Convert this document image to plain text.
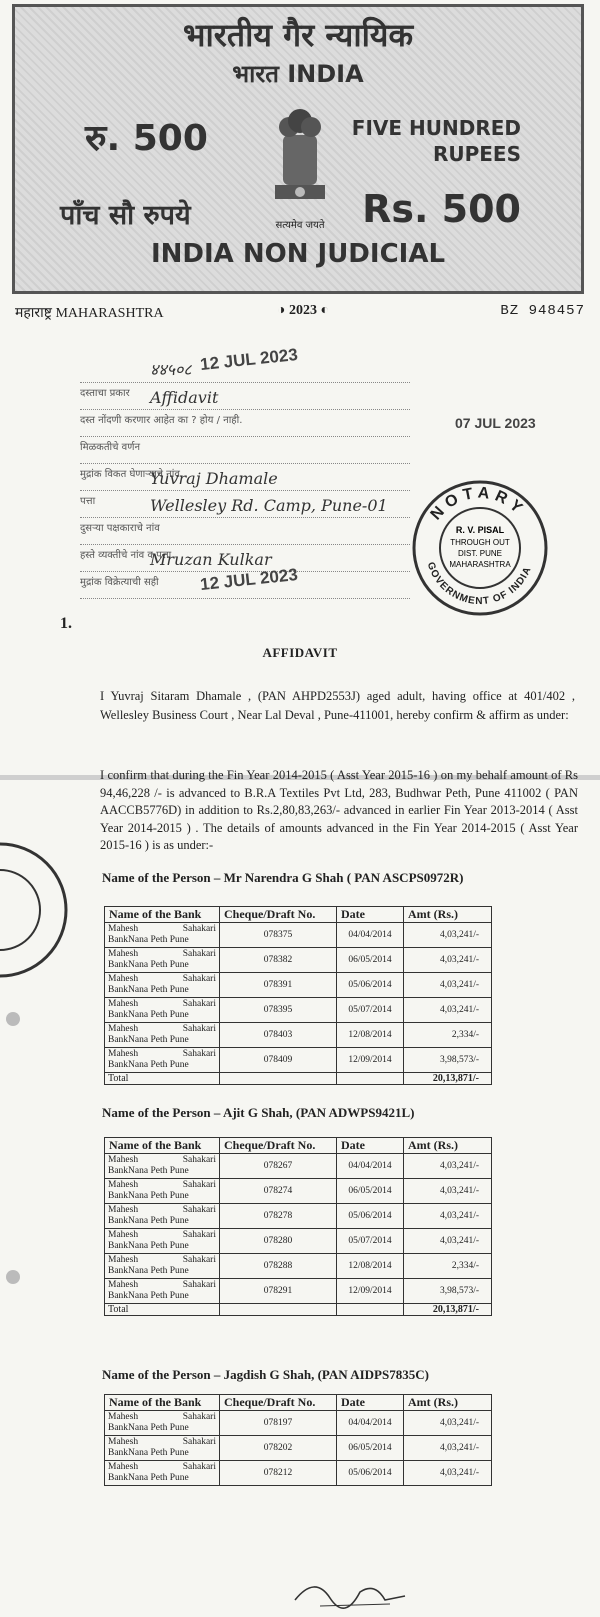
भारतीय गैर न्यायिक
भारत INDIA
रु. 500	FIVE HUNDRED RUPEES
सत्यमेव जयते
पाँच सौ रुपये	Rs. 500
INDIA NON JUDICIAL
महाराष्ट्र MAHARASHTRA	◑ 2023 ◐	BZ 948457
४४५०८
दस्ताचा प्रकार Affidavit
दस्त नोंदणी करणार आहेत का ? होय / नाही.
मिळकतीचे वर्णन
मुद्रांक विकत घेणाऱ्याचे नांव
Yuvraj Dhamale
पत्ता	Wellesley Rd. Camp, Pune-01
दुसऱ्या पक्षकाराचे नांव
हस्ते व्यक्तीचे नांव व पत्ता
Mruzan Kulkar
मुद्रांक विक्रेत्याची सही
12 JUL 2023
12 JUL 2023
07 JUL 2023
NOTARY
GOVERNMENT OF INDIA
R. V. PISAL
THROUGH OUT
DIST. PUNE
MAHARASHTRA
1.
AFFIDAVIT
I Yuvraj Sitaram Dhamale , (PAN AHPD2553J) aged adult, having office at 401/402 , Wellesley Business Court , Near Lal Deval , Pune-411001, hereby confirm & affirm as under:
I confirm that during the Fin Year 2014-2015 ( Asst Year 2015-16 ) on my behalf amount of Rs 94,46,228 /- is advanced to B.R.A Textiles Pvt Ltd, 283, Budhwar Peth, Pune 411002 ( PAN AACCB5776D) in addition to Rs.2,80,83,263/- advanced in earlier Fin Year 2013-2014 ( Asst Year 2014-2015 ) . The details of amounts advanced in the Fin Year 2014-2015 ( Asst Year 2015-16 ) is as under:-
Name of the Person – Mr Narendra G Shah ( PAN ASCPS0972R)
Name of the Bank	Cheque/Draft No.	Date	Amt (Rs.)

Mahesh Sahakari
BankNana Peth Pune	078375	04/04/2014	4,03,241/-

Mahesh Sahakari
BankNana Peth Pune	078382	06/05/2014	4,03,241/-

Mahesh Sahakari
BankNana Peth Pune	078391	05/06/2014	4,03,241/-

Mahesh Sahakari
BankNana Peth Pune	078395	05/07/2014	4,03,241/-

Mahesh Sahakari
BankNana Peth Pune	078403	12/08/2014	2,334/-

Mahesh Sahakari
BankNana Peth Pune	078409	12/09/2014	3,98,573/-
Total			20,13,871/-
Name of the Person – Ajit G Shah, (PAN ADWPS9421L)
Name of the Bank	Cheque/Draft No.	Date	Amt (Rs.)

Mahesh Sahakari
BankNana Peth Pune	078267	04/04/2014	4,03,241/-

Mahesh Sahakari
BankNana Peth Pune	078274	06/05/2014	4,03,241/-

Mahesh Sahakari
BankNana Peth Pune	078278	05/06/2014	4,03,241/-

Mahesh Sahakari
BankNana Peth Pune	078280	05/07/2014	4,03,241/-

Mahesh Sahakari
BankNana Peth Pune	078288	12/08/2014	2,334/-

Mahesh Sahakari
BankNana Peth Pune	078291	12/09/2014	3,98,573/-
Total			20,13,871/-
Name of the Person – Jagdish G Shah, (PAN AIDPS7835C)
Name of the Bank	Cheque/Draft No.	Date	Amt (Rs.)

Mahesh Sahakari
BankNana Peth Pune	078197	04/04/2014	4,03,241/-

Mahesh Sahakari
BankNana Peth Pune	078202	06/05/2014	4,03,241/-

Mahesh Sahakari
BankNana Peth Pune	078212	05/06/2014	4,03,241/-
